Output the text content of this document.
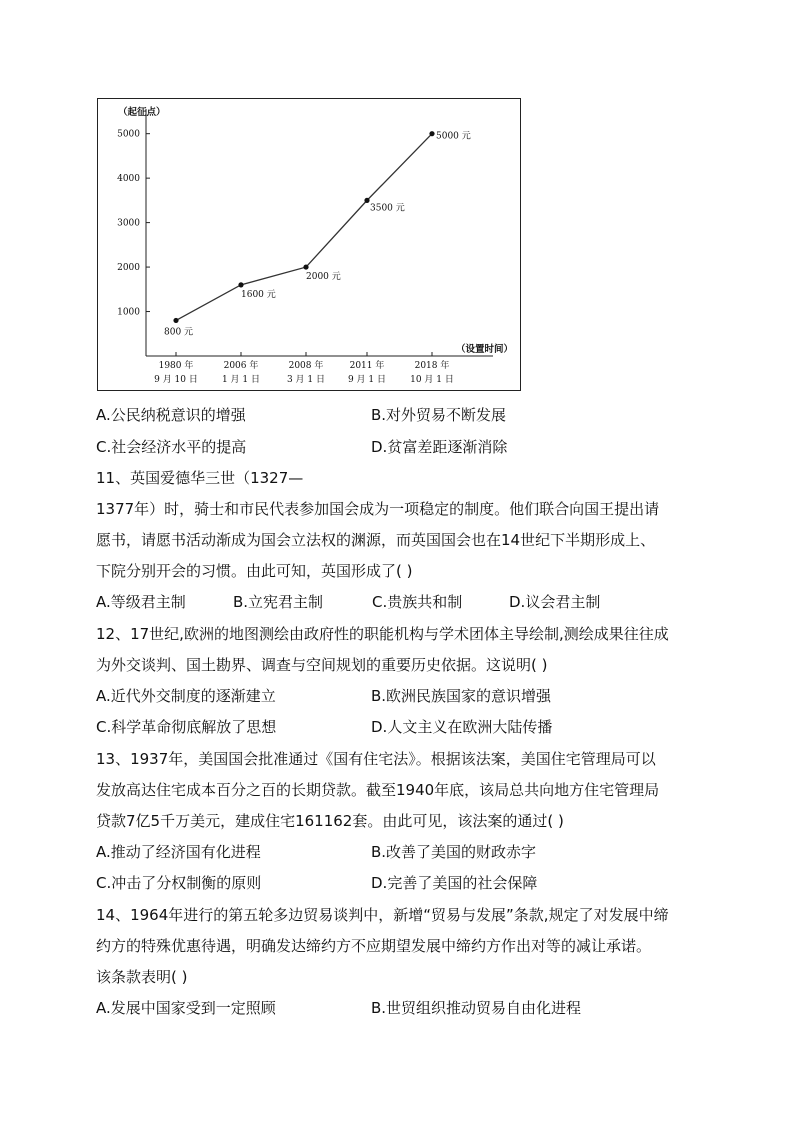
（起征点）
（设置时间）
1000
2000
3000
4000
5000
1980 年
9 月 10 日
2006 年
1 月 1 日
2008 年
3 月 1 日
2011 年
9 月 1 日
2018 年
10 月 1 日
800 元
1600 元
2000 元
3500 元
5000 元
A.公民纳税意识的增强	B.对外贸易不断发展
C.社会经济水平的提高	D.贫富差距逐渐消除
11、英国爱德华三世（1327—
1377年）时，骑士和市民代表参加国会成为一项稳定的制度。他们联合向国王提出请
愿书，请愿书活动渐成为国会立法权的渊源，而英国国会也在14世纪下半期形成上、
下院分别开会的习惯。由此可知，英国形成了( )
A.等级君主制	B.立宪君主制	C.贵族共和制	D.议会君主制
12、17世纪,欧洲的地图测绘由政府性的职能机构与学术团体主导绘制,测绘成果往往成
为外交谈判、国土勘界、调查与空间规划的重要历史依据。这说明( )
A.近代外交制度的逐渐建立	B.欧洲民族国家的意识增强
C.科学革命彻底解放了思想	D.人文主义在欧洲大陆传播
13、1937年，美国国会批准通过《国有住宅法》。根据该法案，美国住宅管理局可以
发放高达住宅成本百分之百的长期贷款。截至1940年底，该局总共向地方住宅管理局
贷款7亿5千万美元，建成住宅161162套。由此可见，该法案的通过( )
A.推动了经济国有化进程	B.改善了美国的财政赤字
C.冲击了分权制衡的原则	D.完善了美国的社会保障
14、1964年进行的第五轮多边贸易谈判中，新增“贸易与发展”条款,规定了对发展中缔
约方的特殊优惠待遇，明确发达缔约方不应期望发展中缔约方作出对等的减让承诺。
该条款表明( )
A.发展中国家受到一定照顾	B.世贸组织推动贸易自由化进程
